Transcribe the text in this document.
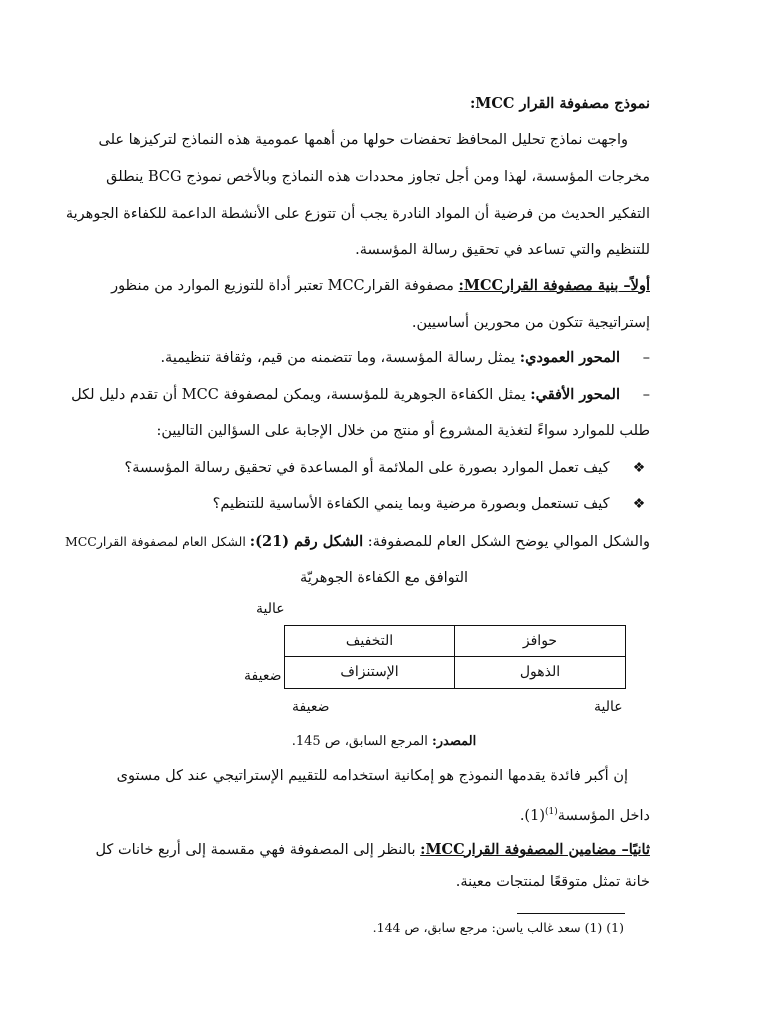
نموذج مصفوفة القرار MCC:
واجهت نماذج تحليل المحافظ تحفضات حولها من أهمها عمومية هذه النماذج لتركيزها على
مخرجات المؤسسة، لهذا ومن أجل تجاوز محددات هذه النماذج وبالأخص نموذج BCG ينطلق
التفكير الحديث من فرضية أن المواد النادرة يجب أن تتوزع على الأنشطة الداعمة للكفاءة الجوهرية
للتنظيم والتي تساعد في تحقيق رسالة المؤسسة.
أولاً– بنية مصفوفة القرارMCC: مصفوفة القرارMCC تعتبر أداة للتوزيع الموارد من منظور
إستراتيجية تتكون من محورين أساسيين.
–المحور العمودي: يمثل رسالة المؤسسة، وما تتضمنه من قيم، وثقافة تنظيمية.
–المحور الأفقي: يمثل الكفاءة الجوهرية للمؤسسة، ويمكن لمصفوفة MCC أن تقدم دليل لكل
طلب للموارد سواءً لتغذية المشروع أو منتج من خلال الإجابة على السؤالين التاليين:
❖    كيف تعمل الموارد بصورة على الملائمة أو المساعدة في تحقيق رسالة المؤسسة؟
❖    كيف تستعمل وبصورة مرضية وبما ينمي الكفاءة الأساسية للتنظيم؟
والشكل الموالي يوضح الشكل العام للمصفوفة: الشكل رقم (21): الشكل العام لمصفوفة القرارMCC
التوافق مع الكفاءة الجوهريّة
عالية
ضعيفة
التخفيف	حوافز
الإستنزاف	الذهول
ضعيفة	عالية
المصدر: المرجع السابق، ص 145.
إن أكبر فائدة يقدمها النموذج هو إمكانية استخدامه للتقييم الإستراتيجي عند كل مستوى
داخل المؤسسة$^{(1)}$(1).
ثانيًا– مضامين المصفوفة القرارMCC: بالنظر إلى المصفوفة فهي مقسمة إلى أربع خانات كل
خانة تمثل متوقعًا لمنتجات معينة.
(1) (1) سعد غالب ياسن: مرجع سابق، ص 144.
